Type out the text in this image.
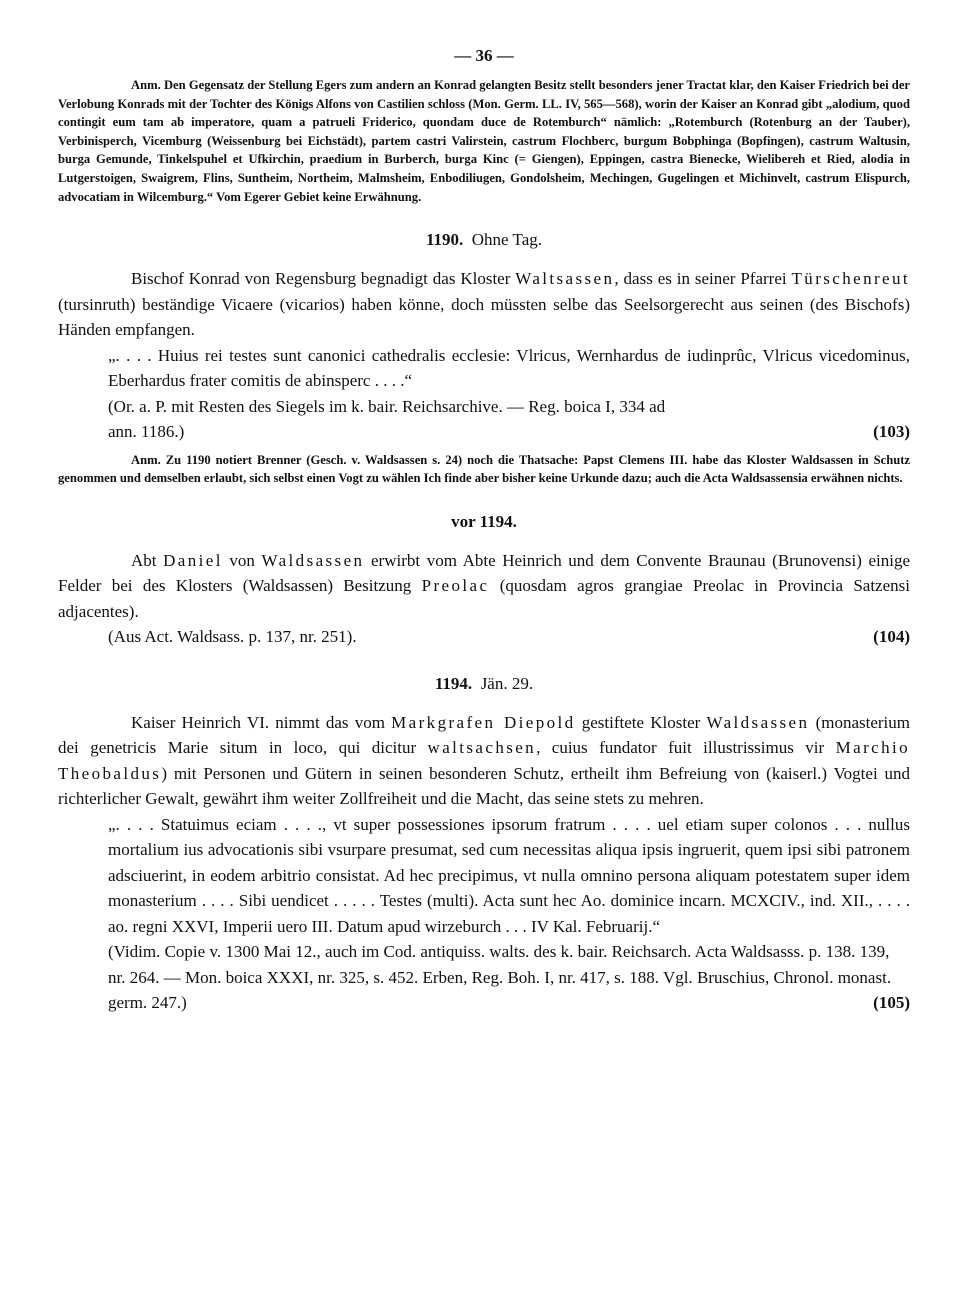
— 36 —

Anm. Den Gegensatz der Stellung Egers zum andern an Konrad gelangten Besitz stellt besonders jener Tractat klar, den Kaiser Friedrich bei der Verlobung Konrads mit der Tochter des Königs Alfons von Castilien schloss (Mon. Germ. LL. IV, 565—568), worin der Kaiser an Konrad gibt „alodium, quod contingit eum tam ab imperatore, quam a patrueli Friderico, quondam duce de Rotemburch“ nämlich: „Rotemburch (Rotenburg an der Tauber), Verbinisperch, Vicemburg (Weissenburg bei Eichstädt), partem castri Valirstein, castrum Flochberc, burgum Bobphinga (Bopfingen), castrum Waltusin, burga Gemunde, Tinkelspuhel et Ufkirchin, praedium in Burberch, burga Kinc (= Giengen), Eppingen, castra Bienecke, Wielibereh et Ried, alodia in Lutgerstoigen, Swaigrem, Flins, Suntheim, Northeim, Malmsheim, Enbodiliugen, Gondolsheim, Mechingen, Gugelingen et Michinvelt, castrum Elispurch, advocatiam in Wilcemburg.“ Vom Egerer Gebiet keine Erwähnung.

1190. Ohne Tag.

Bischof Konrad von Regensburg begnadigt das Kloster Waltsassen, dass es in seiner Pfarrei Türschenreut (tursinruth) beständige Vicaere (vicarios) haben könne, doch müssten selbe das Seelsorgerecht aus seinen (des Bischofs) Händen empfangen.

„. . . . Huius rei testes sunt canonici cathedralis ecclesie: Vlricus, Wernhardus de iudinprûc, Vlricus vicedominus, Eberhardus frater comitis de abinsperc . . . .“

(Or. a. P. mit Resten des Siegels im k. bair. Reichsarchive. — Reg. boica I, 334 ad
ann. 1186.)	(103)

Anm. Zu 1190 notiert Brenner (Gesch. v. Waldsassen s. 24) noch die Thatsache: Papst Clemens III. habe das Kloster Waldsassen in Schutz genommen und demselben erlaubt, sich selbst einen Vogt zu wählen Ich finde aber bisher keine Urkunde dazu; auch die Acta Waldsassensia erwähnen nichts.

vor 1194.

Abt Daniel von Waldsassen erwirbt vom Abte Heinrich und dem Convente Braunau (Brunovensi) einige Felder bei des Klosters (Waldsassen) Besitzung Preolac (quosdam agros grangiae Preolac in Provincia Satzensi adjacentes).

(Aus Act. Waldsass. p. 137, nr. 251).	(104)
1194. Jän. 29.

Kaiser Heinrich VI. nimmt das vom Markgrafen Diepold gestiftete Kloster Waldsassen (monasterium dei genetricis Marie situm in loco, qui dicitur waltsachsen, cuius fundator fuit illustrissimus vir Marchio Theobaldus) mit Personen und Gütern in seinen besonderen Schutz, ertheilt ihm Befreiung von (kaiserl.) Vogtei und richterlicher Gewalt, gewährt ihm weiter Zollfreiheit und die Macht, das seine stets zu mehren.

„. . . . Statuimus eciam . . . ., vt super possessiones ipsorum fratrum . . . . uel etiam super colonos . . . nullus mortalium ius advocationis sibi vsurpare presumat, sed cum necessitas aliqua ipsis ingruerit, quem ipsi sibi patronem adsciuerint, in eodem arbitrio consistat. Ad hec precipimus, vt nulla omnino persona aliquam potestatem super idem monasterium . . . . Sibi uendicet . . . . . Testes (multi). Acta sunt hec Ao. dominice incarn. MCXCIV., ind. XII., . . . . ao. regni XXVI, Imperii uero III. Datum apud wirzeburch . . . IV Kal. Februarij.“

(Vidim. Copie v. 1300 Mai 12., auch im Cod. antiquiss. walts. des k. bair. Reichsarch. Acta Waldsasss. p. 138. 139, nr. 264. — Mon. boica XXXI, nr. 325, s. 452. Erben, Reg. Boh. I, nr. 417, s. 188. Vgl. Bruschius, Chronol. monast. germ. 247.)	(105)
